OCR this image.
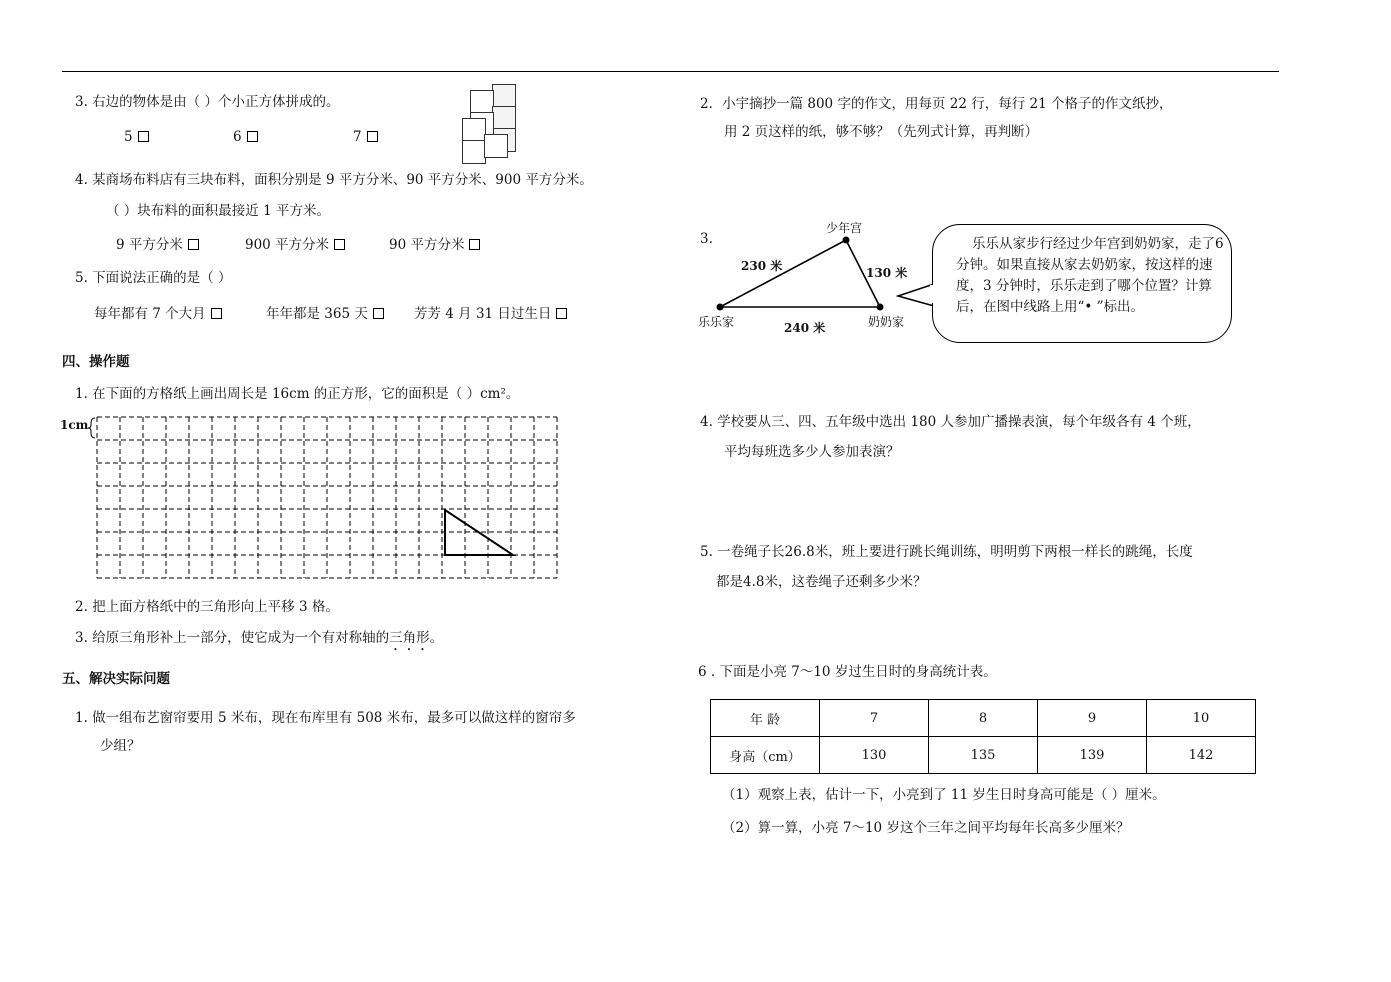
3. 右边的物体是由（ ）个小正方体拼成的。
5	6	7
4. 某商场布料店有三块布料，面积分别是 9 平方分米、90 平方分米、900 平方分米。
（ ）块布料的面积最接近 1 平方米。
9 平方分米	900 平方分米	90 平方分米
5. 下面说法正确的是（ ）
每年都有 7 个大月	年年都是 365 天	芳芳 4 月 31 日过生日
四、操作题
1. 在下面的方格纸上画出周长是 16cm 的正方形，它的面积是（ ）cm²。
1cm
2. 把上面方格纸中的三角形向上平移 3 格。
3. 给原三角形补上一部分，使它成为一个有对称轴的三角形。
五、解决实际问题
1. 做一组布艺窗帘要用 5 米布，现在布库里有 508 米布，最多可以做这样的窗帘多
少组？
2．小宇摘抄一篇 800 字的作文，用每页 22 行，每行 21 个格子的作文纸抄，
用 2 页这样的纸，够不够？（先列式计算，再判断）
3.
少年宫
乐乐家	奶奶家
230 米	130 米
240 米
乐乐从家步行经过少年宫到奶奶家，走了6分钟。如果直接从家去奶奶家，按这样的速度，3 分钟时，乐乐走到了哪个位置？计算后，在图中线路上用“• ”标出。
4. 学校要从三、四、五年级中选出 180 人参加广播操表演，每个年级各有 4 个班，
平均每班选多少人参加表演？
5. 一卷绳子长26.8米，班上要进行跳长绳训练，明明剪下两根一样长的跳绳，长度
都是4.8米，这卷绳子还剩多少米？
6 . 下面是小亮 7～10 岁过生日时的身高统计表。
年 龄	7	8	9	10
身高（cm）	130	135	139	142
（1）观察上表，估计一下，小亮到了 11 岁生日时身高可能是（ ）厘米。
（2）算一算，小亮 7～10 岁这个三年之间平均每年长高多少厘米？
